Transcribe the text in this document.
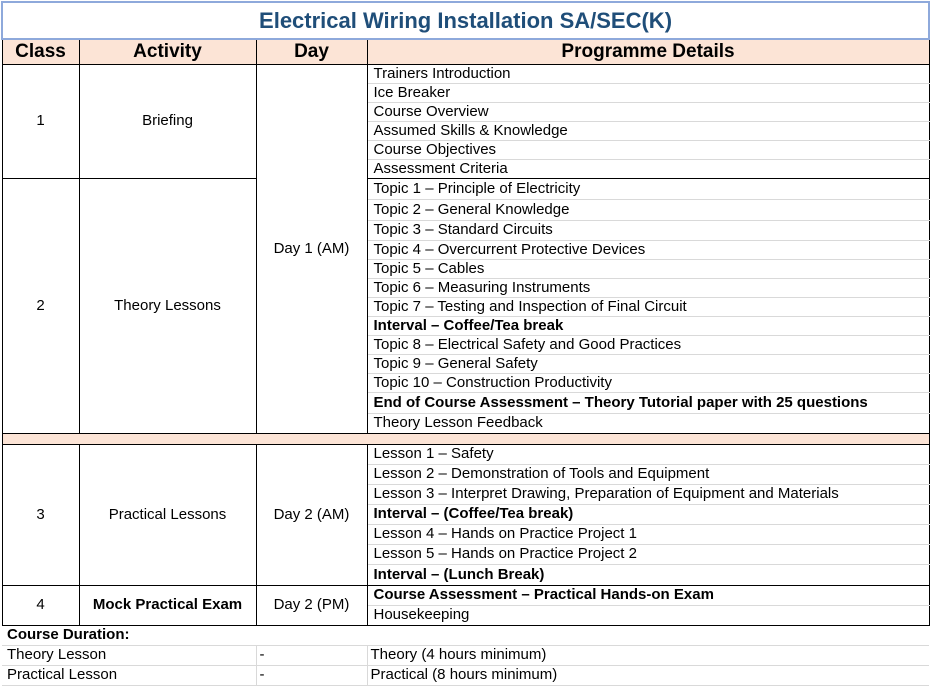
Electrical Wiring Installation SA/SEC(K)			
Class	Activity	Day	Programme Details
1	Briefing	Day 1 (AM)	Trainers Introduction
			Ice Breaker
			Course Overview
			Assumed Skills & Knowledge
			Course Objectives
			Assessment Criteria
2	Theory Lessons		Topic 1 – Principle of Electricity
			Topic 2 – General Knowledge
			Topic 3 – Standard Circuits
			Topic 4 – Overcurrent Protective Devices
			Topic 5 – Cables
			Topic 6 – Measuring Instruments
			Topic 7 – Testing and Inspection of Final Circuit
			Interval – Coffee/Tea break
			Topic 8 – Electrical Safety and Good Practices
			Topic 9 – General Safety
			Topic 10 – Construction Productivity
			End of Course Assessment – Theory Tutorial paper with 25 questions
			Theory Lesson Feedback

3	Practical Lessons	Day 2 (AM)	Lesson 1 – Safety
			Lesson 2 – Demonstration of Tools and Equipment
			Lesson 3 – Interpret Drawing, Preparation of Equipment and Materials
			Interval – (Coffee/Tea break)
			Lesson 4 – Hands on Practice Project 1
			Lesson 5 – Hands on Practice Project 2
			Interval – (Lunch Break)
4	Mock Practical Exam	Day 2 (PM)	Course Assessment – Practical Hands-on Exam
			Housekeeping
Course Duration:			
Theory Lesson		-	Theory (4 hours minimum)
Practical Lesson		-	Practical (8 hours minimum)
